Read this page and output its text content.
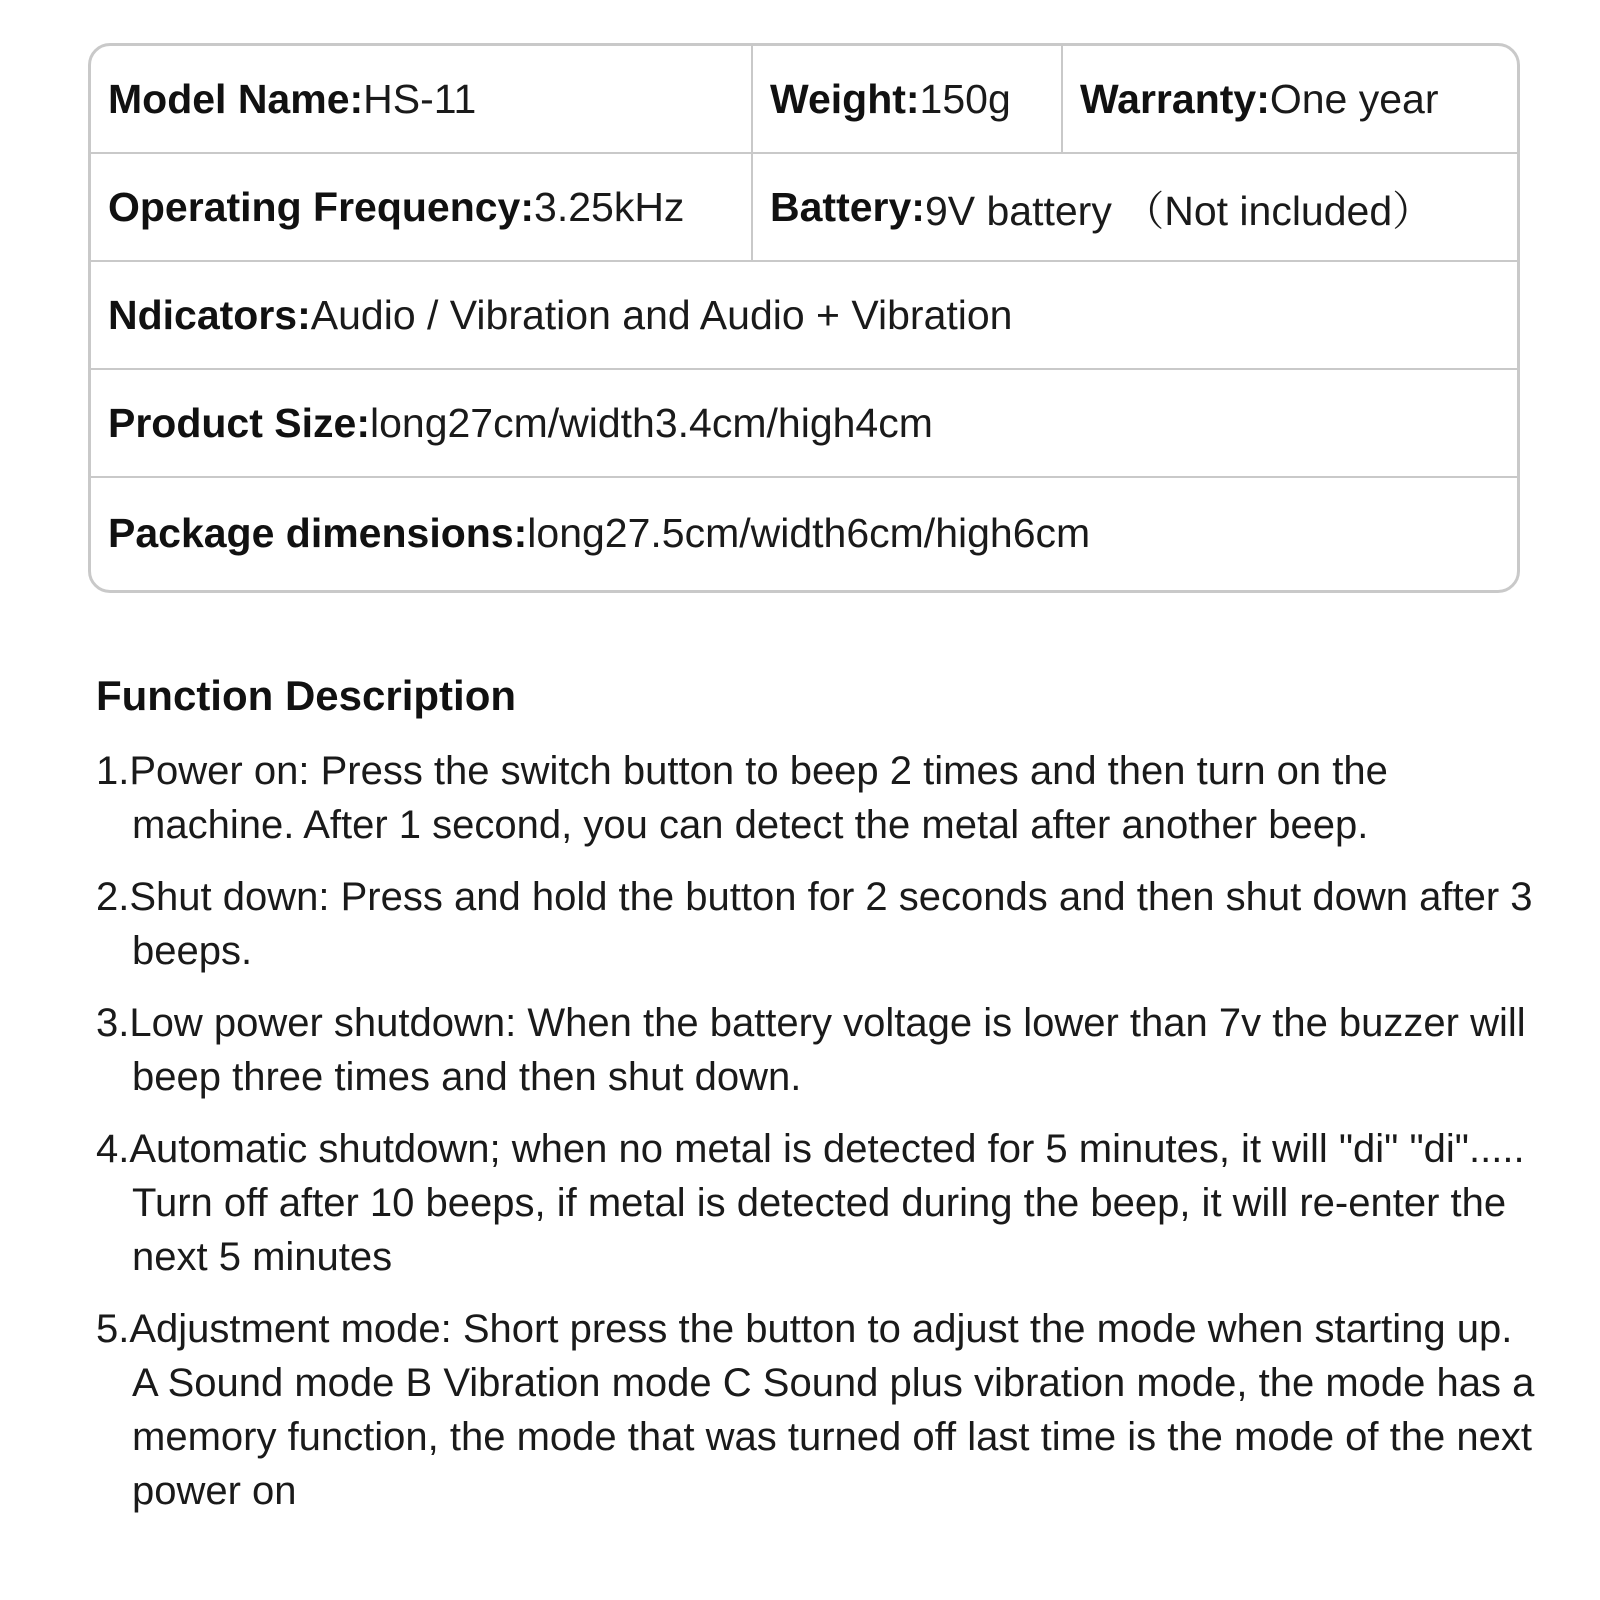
Model Name: HS-11	Weight: 150g Warranty: One year
Operating Frequency: 3.25kHz Battery: 9V battery （Not included）
Ndicators: Audio / Vibration and Audio + Vibration
Product Size: long27cm/width3.4cm/high4cm
Package dimensions: long27.5cm/width6cm/high6cm
Function Description
1.Power on: Press the switch button to beep 2 times and then turn on the machine. After 1 second, you can detect the metal after another beep.
2.Shut down: Press and hold the button for 2 seconds and then shut down after 3 beeps.
3.Low power shutdown: When the battery voltage is lower than 7v the buzzer will beep three times and then shut down.
4.Automatic shutdown; when no metal is detected for 5 minutes, it will "di" "di"..... Turn off after 10 beeps, if metal is detected during the beep, it will re-enter the next 5 minutes
5.Adjustment mode: Short press the button to adjust the mode when starting up. A Sound mode B Vibration mode C Sound plus vibration mode, the mode has a memory function, the mode that was turned off last time is the mode of the next power on
